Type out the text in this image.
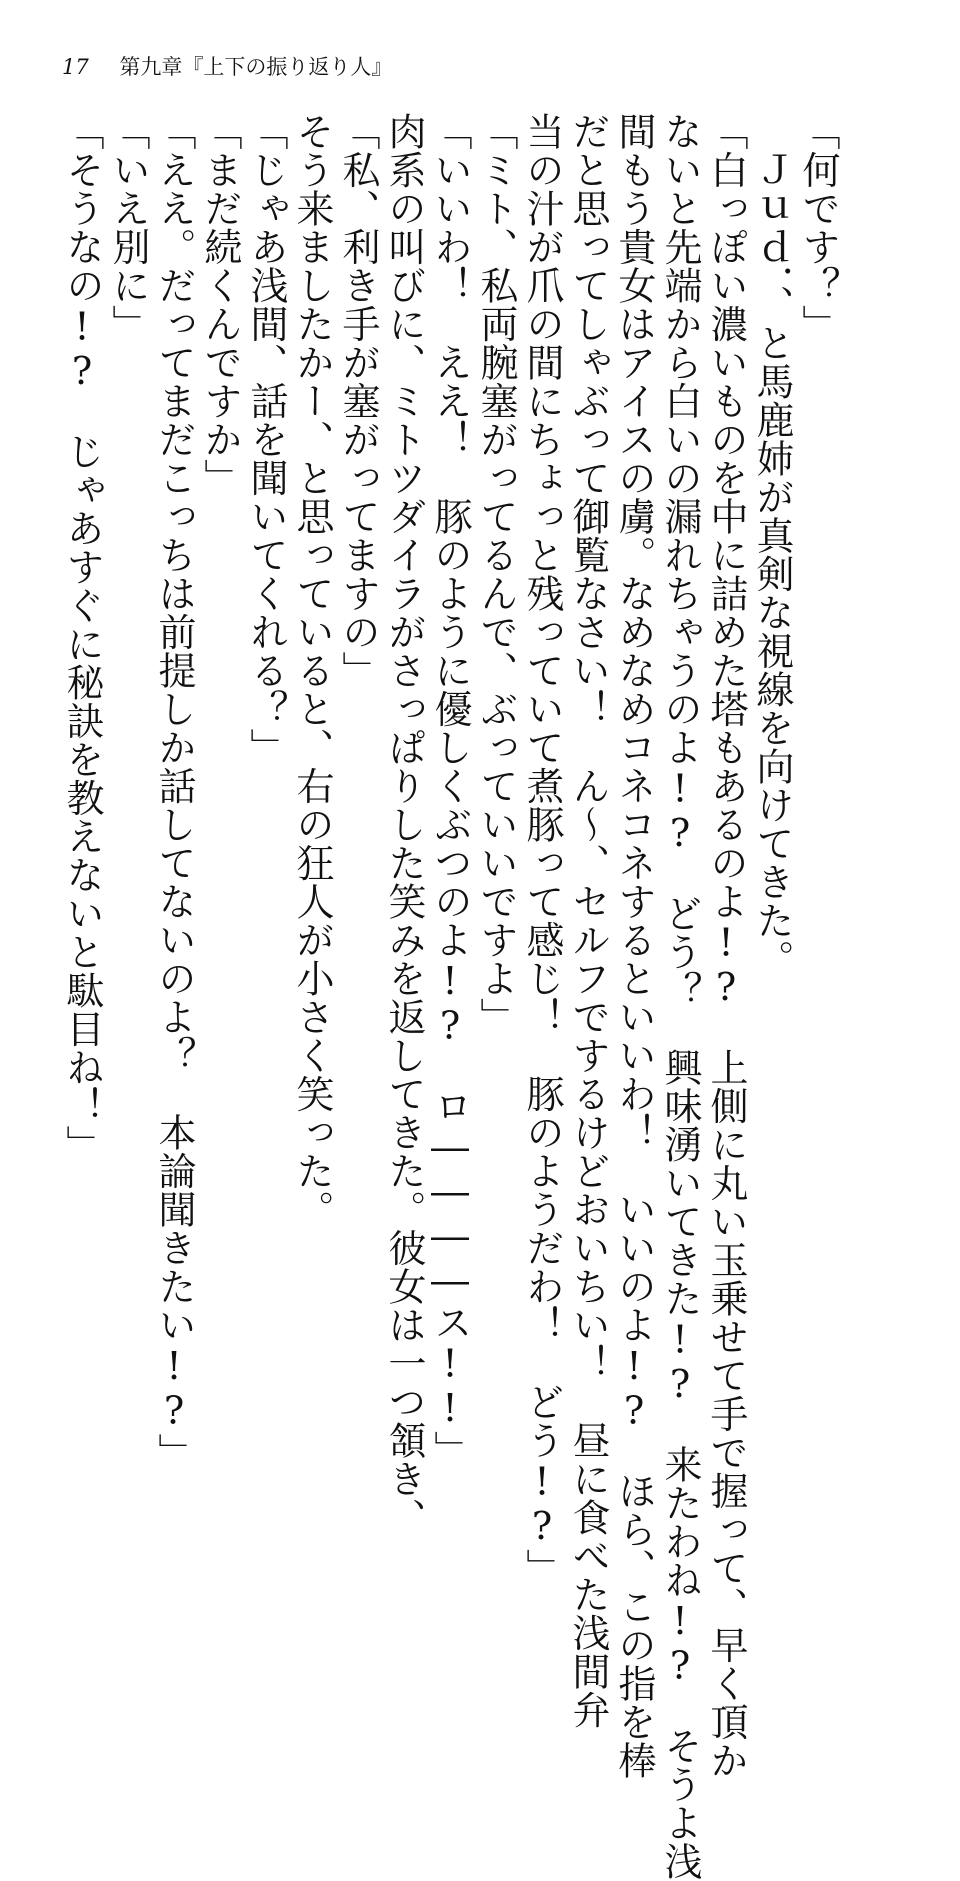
17 第九章『上下の振り返り人』
「何です？」
Ｊｕｄ．、と馬鹿姉が真剣な視線を向けてきた。
「白っぽい濃いものを中に詰めた塔もあるのよ!?　上側に丸い玉乗せて手で握って、早く頂か
ないと先端から白いの漏れちゃうのよ!?　どう？　興味湧いてきた!?　来たわね!?　そうよ浅
間もう貴女はアイスの虜。なめなめコネコネするといいわ！　いいのよ!?　ほら、この指を棒
だと思ってしゃぶって御覧なさい！　ん～、セルフでするけどおいちい！　昼に食べた浅間弁
当の汁が爪の間にちょっと残っていて煮豚って感じ！　豚のようだわ！　どう!?」
「ミト、私両腕塞がってるんで、ぶっていいですよ」
「いいわ！　ええ！　豚のように優しくぶつのよ!?　ロ――――ス!!」
肉系の叫びに、ミトツダイラがさっぱりした笑みを返してきた。彼女は一つ頷き、
「私、利き手が塞がってますの」
そう来ましたかー、と思っていると、右の狂人が小さく笑った。
「じゃあ浅間、話を聞いてくれる？」
「まだ続くんですか」
「ええ。だってまだこっちは前提しか話してないのよ？　本論聞きたい!?」
「いえ別に」
「そうなの!?　じゃあすぐに秘訣を教えないと駄目ね！」
